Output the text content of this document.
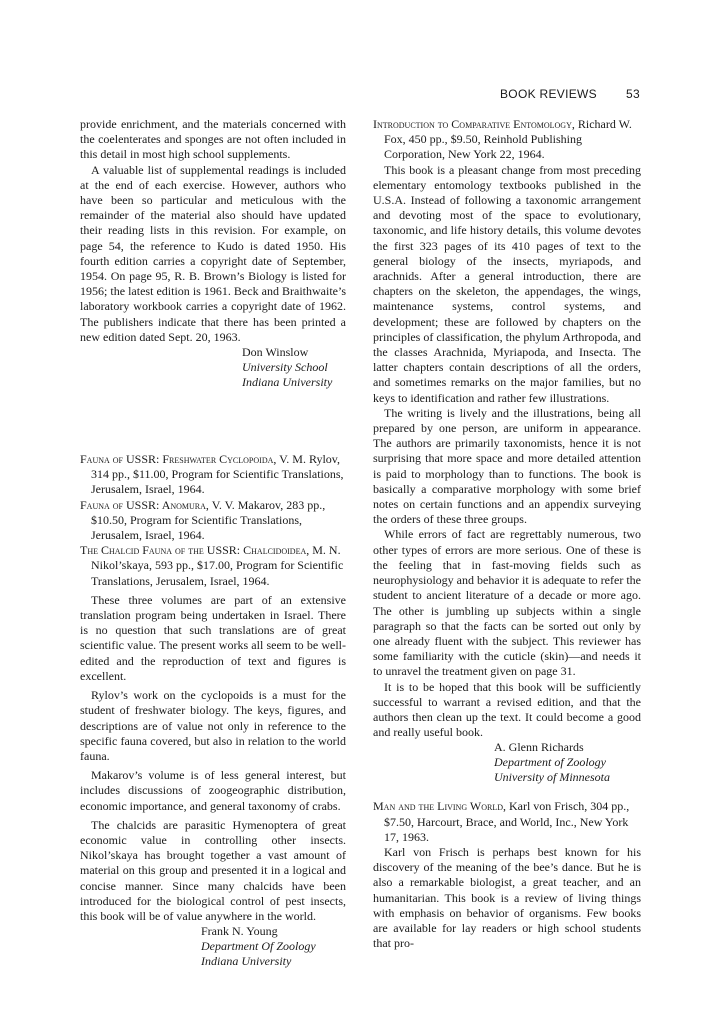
BOOK REVIEWS 53

provide enrichment, and the materials concerned with the coelenterates and sponges are not often included in this detail in most high school supplements.

A valuable list of supplemental readings is included at the end of each exercise. However, authors who have been so particular and meticulous with the remainder of the material also should have updated their reading lists in this revision. For example, on page 54, the reference to Kudo is dated 1950. His fourth edition carries a copyright date of September, 1954. On page 95, R. B. Brown’s Biology is listed for 1956; the latest edition is 1961. Beck and Braithwaite’s laboratory workbook carries a copyright date of 1962. The publishers indicate that there has been printed a new edition dated Sept. 20, 1963.

Don Winslow
University School
Indiana University

Fauna of USSR: Freshwater Cyclopoida, V. M. Rylov, 314 pp., $11.00, Program for Scientific Translations, Jerusalem, Israel, 1964.

Fauna of USSR: Anomura, V. V. Makarov, 283 pp., $10.50, Program for Scientific Translations, Jerusalem, Israel, 1964.

The Chalcid Fauna of the USSR: Chalcidoidea, M. N. Nikol’skaya, 593 pp., $17.00, Program for Scientific Translations, Jerusalem, Israel, 1964.

These three volumes are part of an extensive translation program being undertaken in Israel. There is no question that such translations are of great scientific value. The present works all seem to be well-edited and the reproduction of text and figures is excellent.

Rylov’s work on the cyclopoids is a must for the student of freshwater biology. The keys, figures, and descriptions are of value not only in reference to the specific fauna covered, but also in relation to the world fauna.

Makarov’s volume is of less general interest, but includes discussions of zoogeographic distribution, economic importance, and general taxonomy of crabs.

The chalcids are parasitic Hymenoptera of great economic value in controlling other insects. Nikol’skaya has brought together a vast amount of material on this group and presented it in a logical and concise manner. Since many chalcids have been introduced for the biological control of pest insects, this book will be of value anywhere in the world.

Frank N. Young
Department Of Zoology
Indiana University

Introduction to Comparative Entomology, Richard W. Fox, 450 pp., $9.50, Reinhold Publishing Corporation, New York 22, 1964.

This book is a pleasant change from most preceding elementary entomology textbooks published in the U.S.A. Instead of following a taxonomic arrangement and devoting most of the space to evolutionary, taxonomic, and life history details, this volume devotes the first 323 pages of its 410 pages of text to the general biology of the insects, myriapods, and arachnids. After a general introduction, there are chapters on the skeleton, the appendages, the wings, maintenance systems, control systems, and development; these are followed by chapters on the principles of classification, the phylum Arthropoda, and the classes Arachnida, Myriapoda, and Insecta. The latter chapters contain descriptions of all the orders, and sometimes remarks on the major families, but no keys to identification and rather few illustrations.

The writing is lively and the illustrations, being all prepared by one person, are uniform in appearance. The authors are primarily taxonomists, hence it is not surprising that more space and more detailed attention is paid to morphology than to functions. The book is basically a comparative morphology with some brief notes on certain functions and an appendix surveying the orders of these three groups.

While errors of fact are regrettably numerous, two other types of errors are more serious. One of these is the feeling that in fast-moving fields such as neurophysiology and behavior it is adequate to refer the student to ancient literature of a decade or more ago. The other is jumbling up subjects within a single paragraph so that the facts can be sorted out only by one already fluent with the subject. This reviewer has some familiarity with the cuticle (skin)—and needs it to unravel the treatment given on page 31.

It is to be hoped that this book will be sufficiently successful to warrant a revised edition, and that the authors then clean up the text. It could become a good and really useful book.

A. Glenn Richards
Department of Zoology
University of Minnesota

Man and the Living World, Karl von Frisch, 304 pp., $7.50, Harcourt, Brace, and World, Inc., New York 17, 1963.

Karl von Frisch is perhaps best known for his discovery of the meaning of the bee’s dance. But he is also a remarkable biologist, a great teacher, and an humanitarian. This book is a review of living things with emphasis on behavior of organisms. Few books are available for lay readers or high school students that pro-
